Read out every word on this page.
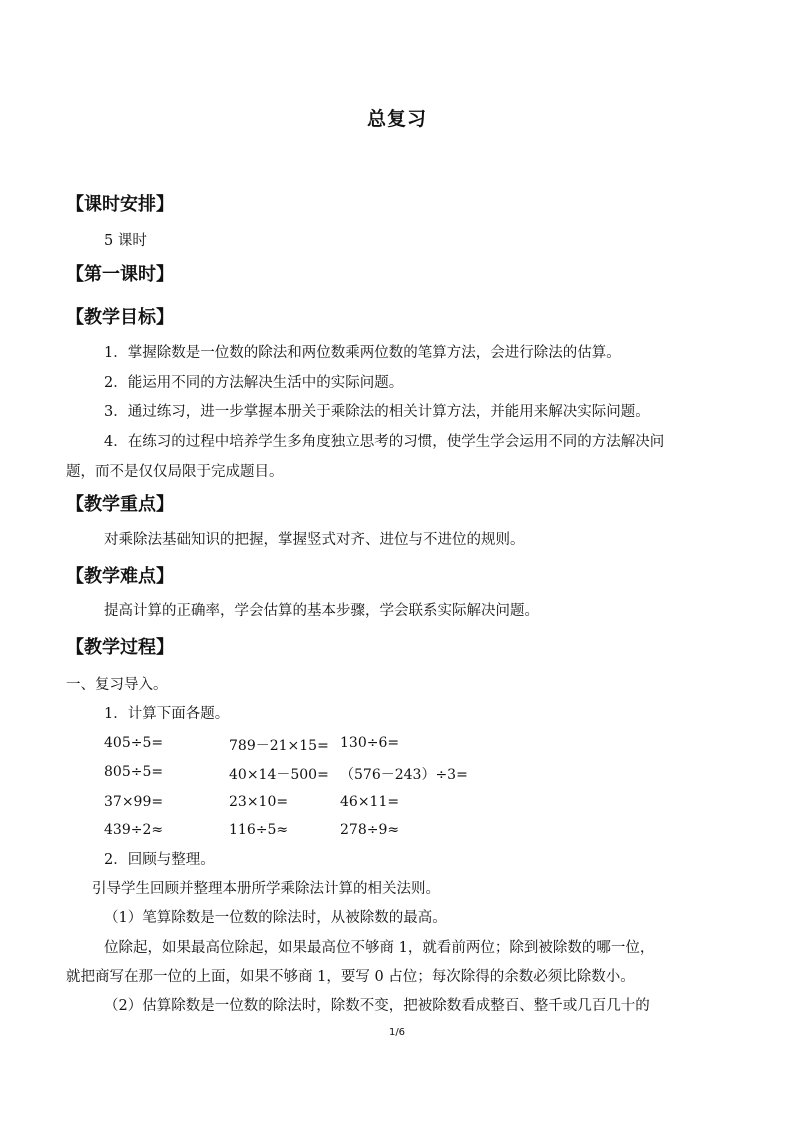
总复习
【课时安排】
5 课时
【第一课时】
【教学目标】
1．掌握除数是一位数的除法和两位数乘两位数的笔算方法，会进行除法的估算。
2．能运用不同的方法解决生活中的实际问题。
3．通过练习，进一步掌握本册关于乘除法的相关计算方法，并能用来解决实际问题。
4．在练习的过程中培养学生多角度独立思考的习惯，使学生学会运用不同的方法解决问
题，而不是仅仅局限于完成题目。
【教学重点】
对乘除法基础知识的把握，掌握竖式对齐、进位与不进位的规则。
【教学难点】
提高计算的正确率，学会估算的基本步骤，学会联系实际解决问题。
【教学过程】
一、复习导入。
1．计算下面各题。
405÷5=	789－21×15= 130÷6=
805÷5=	40×14－500= （576－243）÷3=
37×99=	23×10=	46×11=
439÷2≈	116÷5≈	278÷9≈
2．回顾与整理。
引导学生回顾并整理本册所学乘除法计算的相关法则。
（1）笔算除数是一位数的除法时，从被除数的最高。
位除起，如果最高位除起，如果最高位不够商 1，就看前两位；除到被除数的哪一位，
就把商写在那一位的上面，如果不够商 1，要写 0 占位；每次除得的余数必须比除数小。
（2）估算除数是一位数的除法时，除数不变，把被除数看成整百、整千或几百几十的
1/6
